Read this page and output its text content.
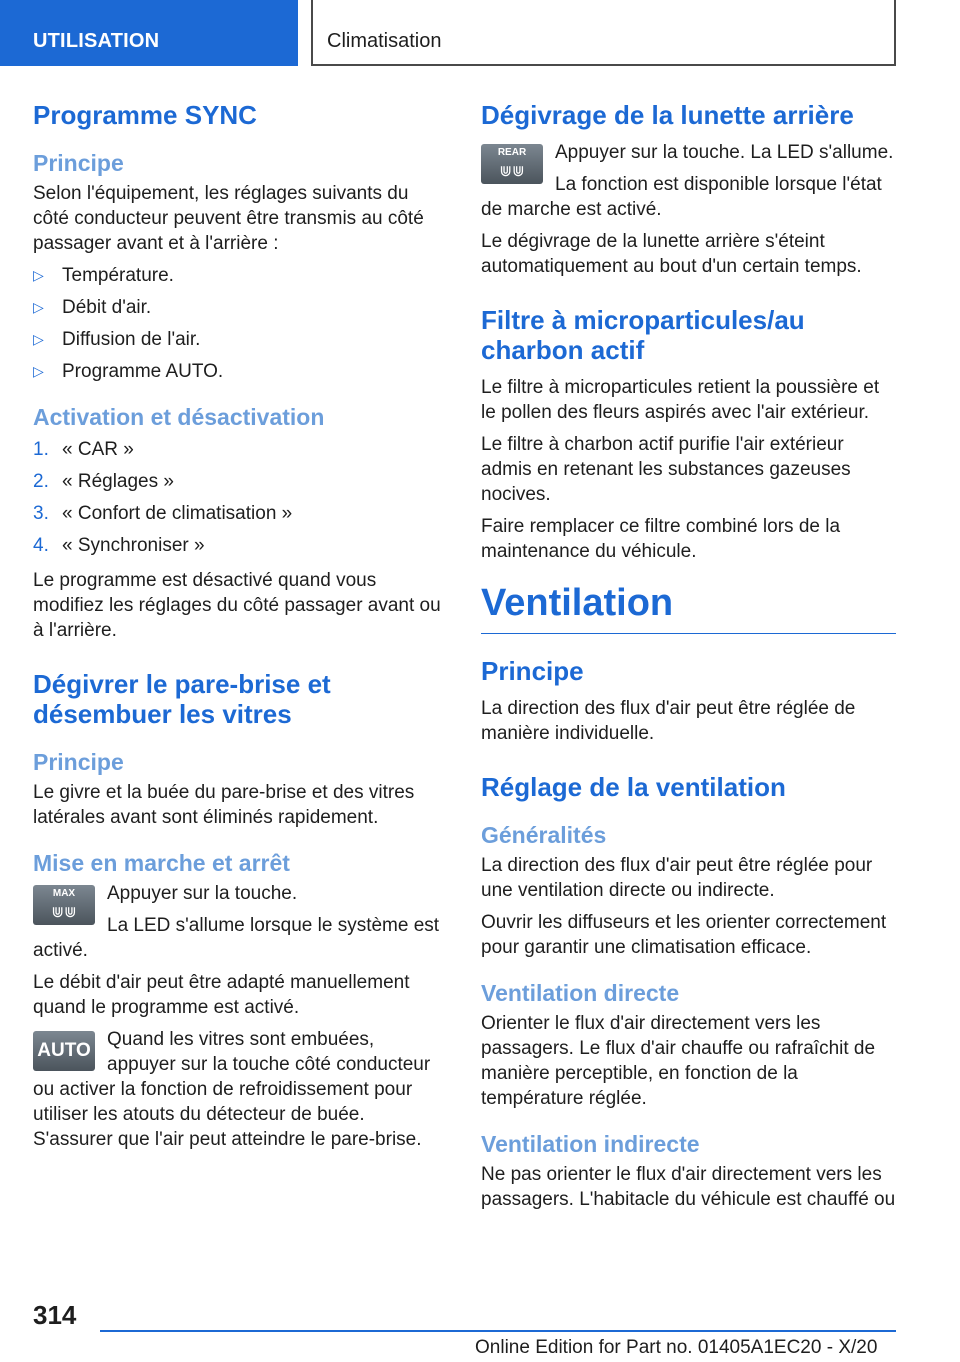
UTILISATION	Climatisation
Programme SYNC
Principe

Selon l'équipement, les réglages suivants du côté conducteur peuvent être transmis au côté passager avant et à l'arrière :

▷ Température.
▷ Débit d'air.
▷ Diffusion de l'air.
▷ Programme AUTO.
Activation et désactivation
1. « CAR »
2. « Réglages »
3. « Confort de climatisation »
4. « Synchroniser »

Le programme est désactivé quand vous modifiez les réglages du côté passager avant ou à l'arrière.

Dégivrer le pare-brise et désembuer les vitres
Principe

Le givre et la buée du pare-brise et des vitres latérales avant sont éliminés rapidement.

Mise en marche et arrêt
MAX
⋓⋓

Appuyer sur la touche.

La LED s'allume lorsque le système est activé.

Le débit d'air peut être adapté manuellement quand le programme est activé.

AUTO

Quand les vitres sont embuées, appuyer sur la touche côté conducteur ou activer la fonction de refroidissement pour utiliser les atouts du détecteur de buée. S'assurer que l'air peut atteindre le pare-brise.

Dégivrage de la lunette arrière
REAR
⋓⋓

Appuyer sur la touche. La LED s'allume.

La fonction est disponible lorsque l'état de marche est activé.

Le dégivrage de la lunette arrière s'éteint automatiquement au bout d'un certain temps.

Filtre à microparticules/au charbon actif

Le filtre à microparticules retient la poussière et le pollen des fleurs aspirés avec l'air extérieur.

Le filtre à charbon actif purifie l'air extérieur admis en retenant les substances gazeuses nocives.

Faire remplacer ce filtre combiné lors de la maintenance du véhicule.

Ventilation
Principe

La direction des flux d'air peut être réglée de manière individuelle.

Réglage de la ventilation
Généralités

La direction des flux d'air peut être réglée pour une ventilation directe ou indirecte.

Ouvrir les diffuseurs et les orienter correctement pour garantir une climatisation efficace.

Ventilation directe

Orienter le flux d'air directement vers les passagers. Le flux d'air chauffe ou rafraîchit de manière perceptible, en fonction de la température réglée.

Ventilation indirecte

Ne pas orienter le flux d'air directement vers les passagers. L'habitacle du véhicule est chauffé ou

314
Online Edition for Part no. 01405A1EC20 - X/20
